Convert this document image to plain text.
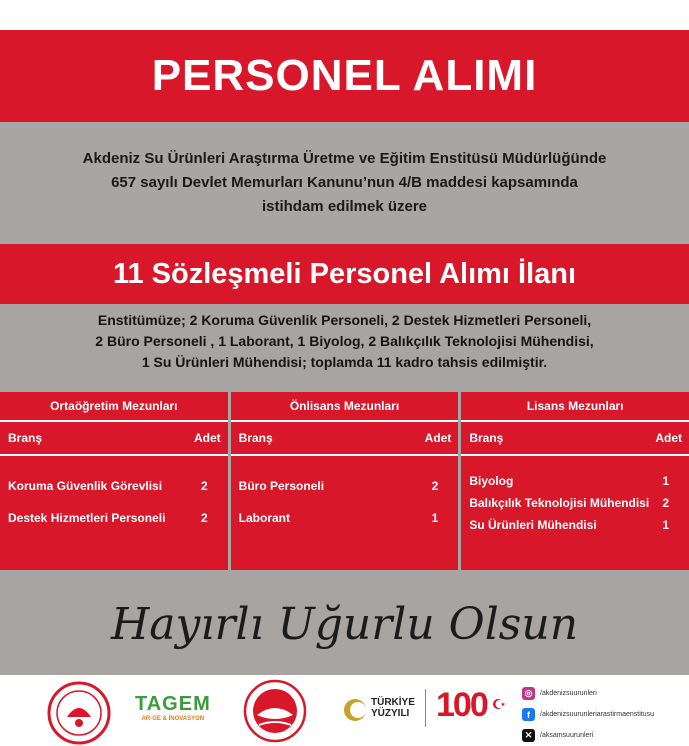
PERSONEL ALIMI
Akdeniz Su Ürünleri Araştırma Üretme ve Eğitim Enstitüsü Müdürlüğünde
657 sayılı Devlet Memurları Kanunu’nun 4/B maddesi kapsamında
istihdam edilmek üzere
11 Sözleşmeli Personel Alımı İlanı
Enstitümüze; 2 Koruma Güvenlik Personeli, 2 Destek Hizmetleri Personeli,
2 Büro Personeli , 1 Laborant, 1 Biyolog, 2 Balıkçılık Teknolojisi Mühendisi,
1 Su Ürünleri Mühendisi; toplamda 11 kadro tahsis edilmiştir.
Ortaöğretim Mezunları
Branş	Adet
Koruma Güvenlik Görevlisi	2
Destek Hizmetleri Personeli	2
Önlisans Mezunları
Branş	Adet
Büro Personeli	2
Laborant	1
Lisans Mezunları
Branş	Adet
Biyolog	1
Balıkçılık Teknolojisi Mühendisi 2
Su Ürünleri Mühendisi	1
Hayırlı Uğurlu Olsun
TAGEM
AR-GE & İNOVASYON
TÜRKİYE
YÜZYILI 100	◎	/akdenizsuurunleri
f	/akdenizsuurunleriarastirmaenstitusu
✕	/aksamsuurunleri
